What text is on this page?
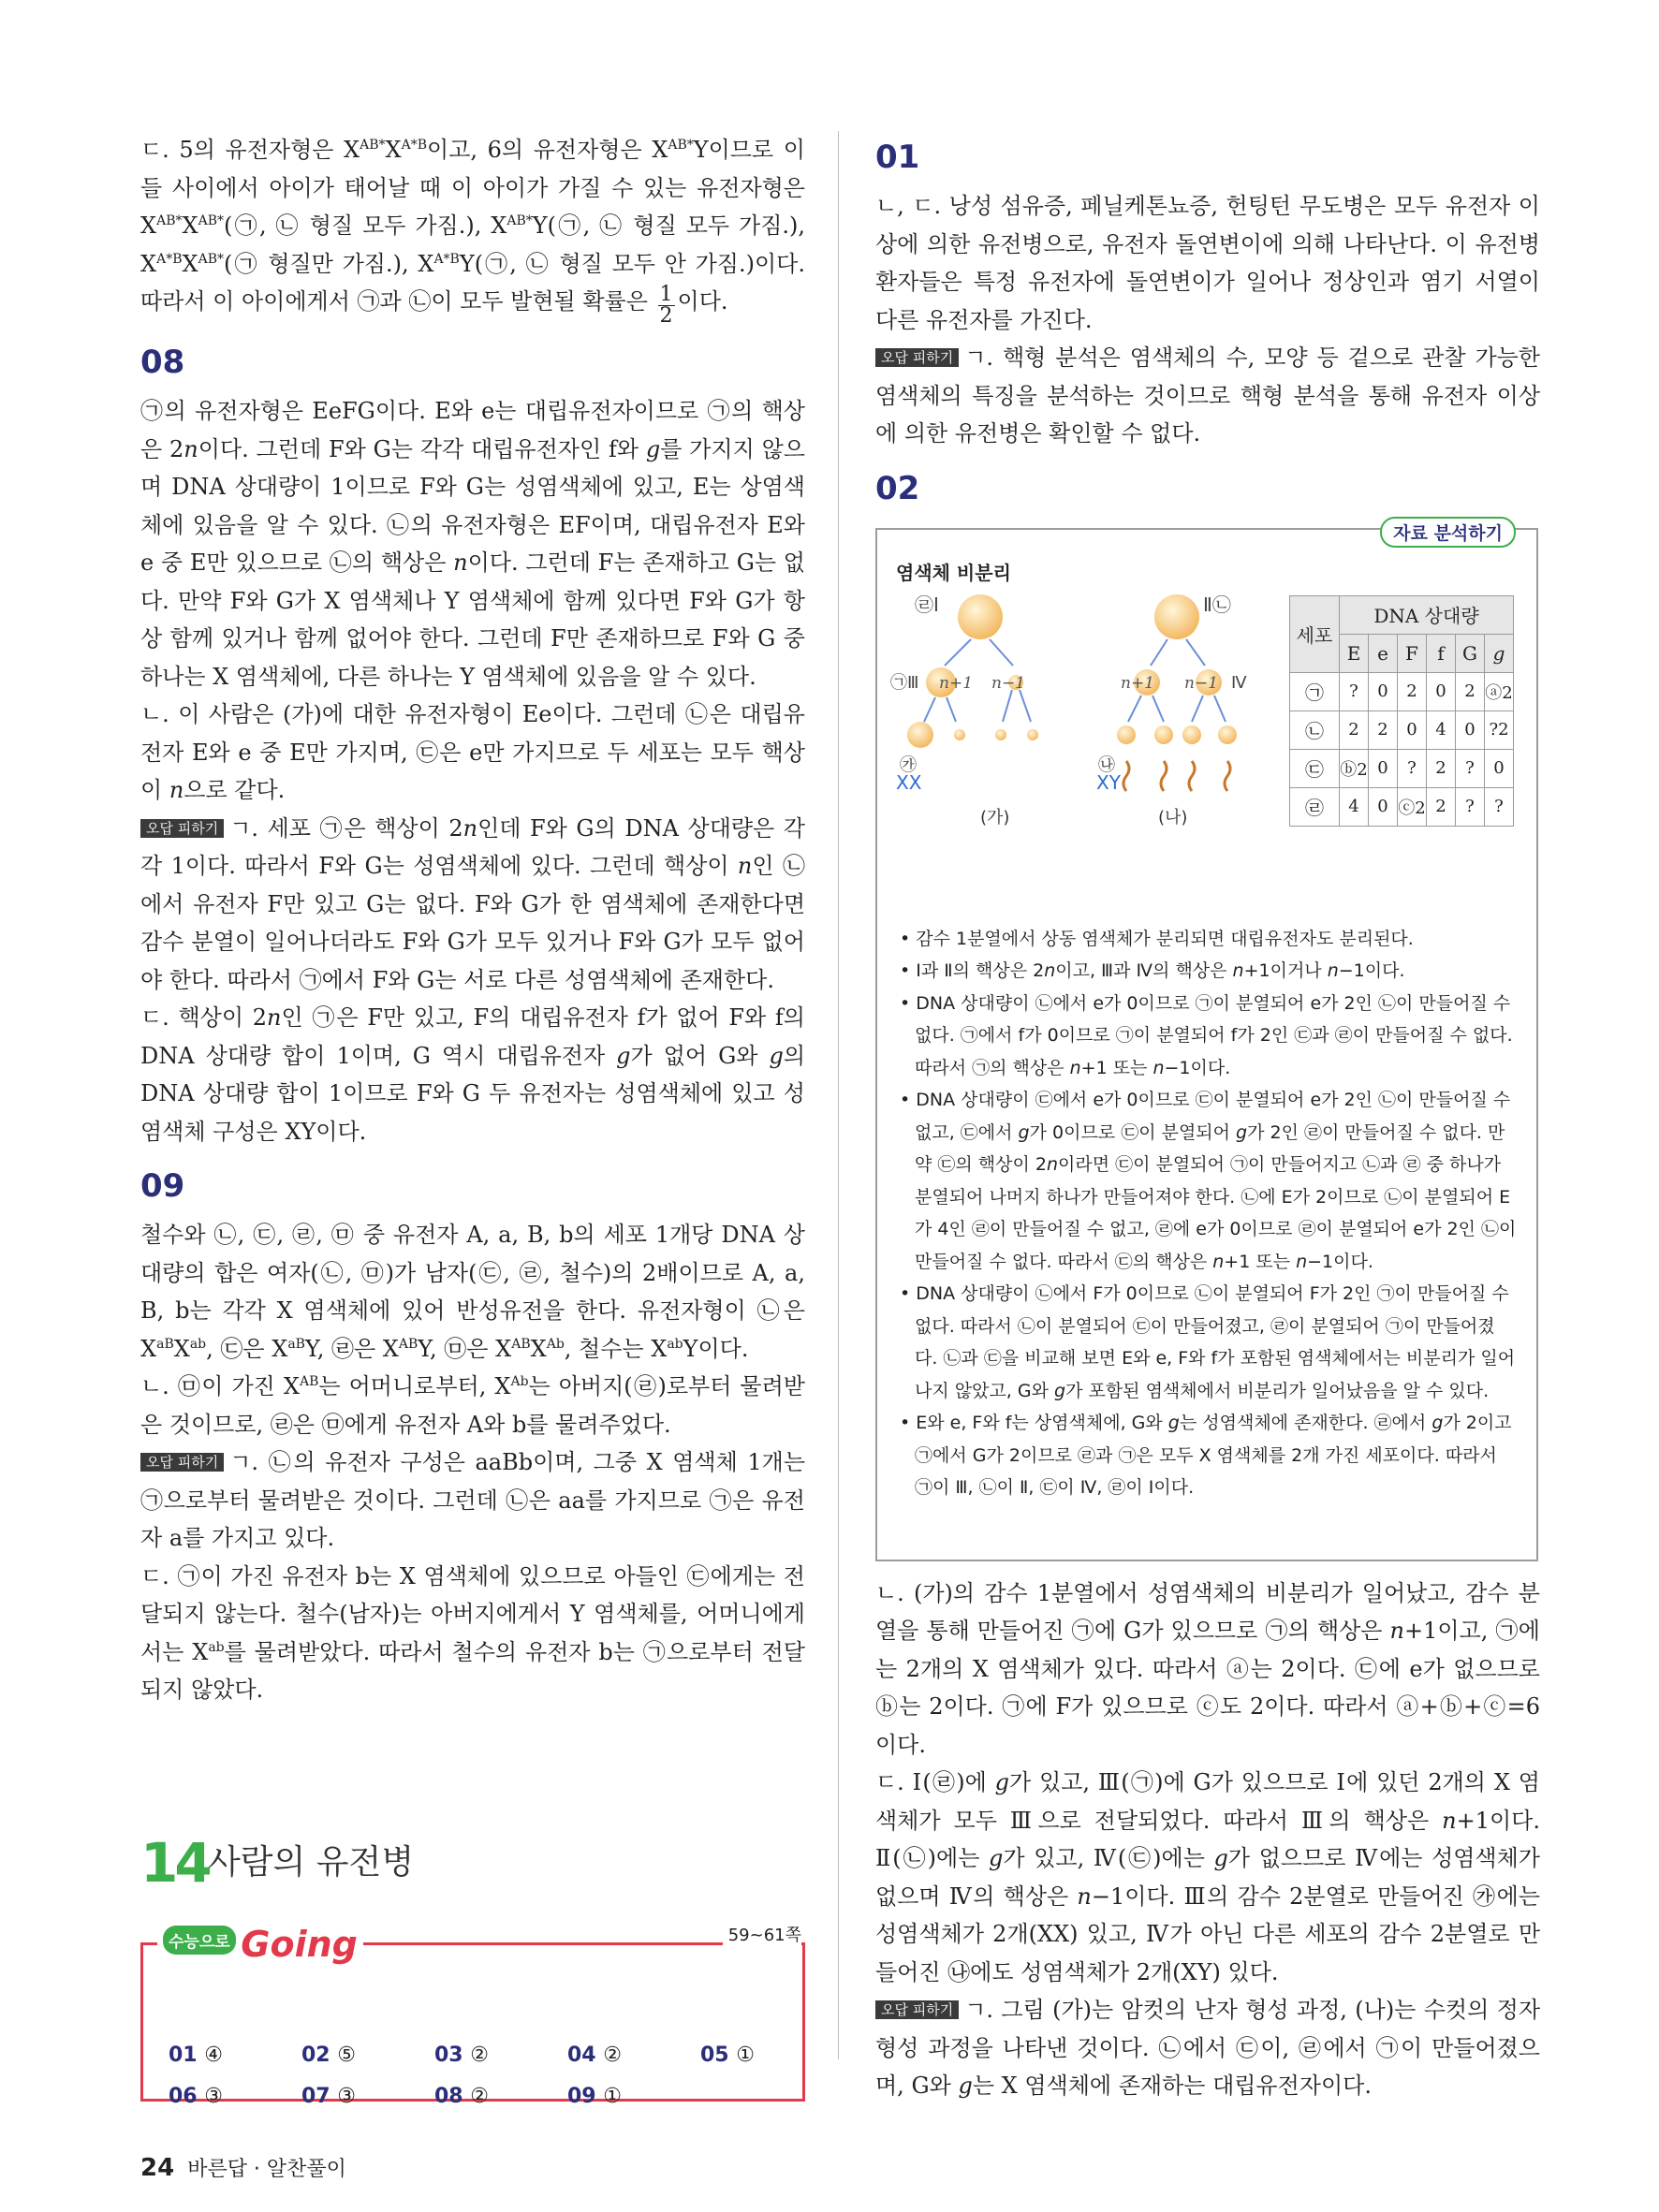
ㄷ. 5의 유전자형은 $X^{AB*}X^{A*B}$이고, 6의 유전자형은 $X^{AB*}Y$이므로 이 들 사이에서 아이가 태어날 때 이 아이가 가질 수 있는 유전자형은 $X^{AB*}X^{AB*}(㉠$, ㉡ 형질 모두 가짐.), $X^{AB*}Y(㉠$, ㉡ 형질 모두 가짐.), $X^{A*B}X^{AB*}(㉠$ 형질만 가짐.), $X^{A*B}Y(㉠$, ㉡ 형질 모두 안 가짐.)이다. 따라서 이 아이에게서 ㉠과 ㉡이 모두 발현될 확률은 $\frac{1}{2}$ 이다.

08

㉠의 유전자형은 EeFG이다. E와 e는 대립유전자이므로 ㉠의 핵상은 2n이다. 그런데 F와 G는 각각 대립유전자인 f와 g를 가지지 않으며 DNA 상대량이 1이므로 F와 G는 성염색체에 있고, E는 상염색체에 있음을 알 수 있다. ㉡의 유전자형은 EF이며, 대립유전자 E와 e 중 E만 있으므로 ㉡의 핵상은 n이다. 그런데 F는 존재하고 G는 없다. 만약 F와 G가 X 염색체나 Y 염색체에 함께 있다면 F와 G가 항상 함께 있거나 함께 없어야 한다. 그런데 F만 존재하므로 F와 G 중 하나는 X 염색체에, 다른 하나는 Y 염색체에 있음을 알 수 있다.

ㄴ. 이 사람은 (가)에 대한 유전자형이 Ee이다. 그런데 ㉡은 대립유전자 E와 e 중 E만 가지며, ㉢은 e만 가지므로 두 세포는 모두 핵상이 n으로 같다.

오답 피하기 ㄱ. 세포 ㉠은 핵상이 2n인데 F와 G의 DNA 상대량은 각각 1이다. 따라서 F와 G는 성염색체에 있다. 그런데 핵상이 n인 ㉡에서 유전자 F만 있고 G는 없다. F와 G가 한 염색체에 존재한다면 감수 분열이 일어나더라도 F와 G가 모두 있거나 F와 G가 모두 없어야 한다. 따라서 ㉠에서 F와 G는 서로 다른 성염색체에 존재한다.

ㄷ. 핵상이 2n인 ㉠은 F만 있고, F의 대립유전자 f가 없어 F와 f의 DNA 상대량 합이 1이며, G 역시 대립유전자 g가 없어 G와 g의 DNA 상대량 합이 1이므로 F와 G 두 유전자는 성염색체에 있고 성염색체 구성은 XY이다.

09

철수와 ㉡, ㉢, ㉣, ㉤ 중 유전자 A, a, B, b의 세포 1개당 DNA 상대량의 합은 여자(㉡, ㉤)가 남자(㉢, ㉣, 철수)의 2배이므로 A, a, B, b는 각각 X 염색체에 있어 반성유전을 한다. 유전자형이 ㉡은 $X^{aB}X^{ab}$, ㉢은 $X^{aB}Y$, ㉣은 $X^{AB}Y$, ㉤은 $X^{AB}X^{Ab}$, 철수는 $X^{ab}Y$이다.

ㄴ. ㉤이 가진 $X^{AB}$는 어머니로부터, $X^{Ab}$는 아버지(㉣)로부터 물려받은 것이므로, ㉣은 ㉤에게 유전자 A와 b를 물려주었다.

오답 피하기 ㄱ. ㉡의 유전자 구성은 aaBb이며, 그중 X 염색체 1개는 ㉠으로부터 물려받은 것이다. 그런데 ㉡은 aa를 가지므로 ㉠은 유전자 a를 가지고 있다.

ㄷ. ㉠이 가진 유전자 b는 X 염색체에 있으므로 아들인 ㉢에게는 전달되지 않는다. 철수(남자)는 아버지에게서 Y 염색체를, 어머니에게서는 $X^{ab}$를 물려받았다. 따라서 철수의 유전자 b는 ㉠으로부터 전달되지 않았다.

14 사람의 유전병
수능으로 Going	59~61쪽
01 ④	02 ⑤	03 ②	04 ②	05 ①
06 ③	07 ③	08 ②	09 ①
01

ㄴ, ㄷ. 낭성 섬유증, 페닐케톤뇨증, 헌팅턴 무도병은 모두 유전자 이상에 의한 유전병으로, 유전자 돌연변이에 의해 나타난다. 이 유전병 환자들은 특정 유전자에 돌연변이가 일어나 정상인과 염기 서열이 다른 유전자를 가진다.

오답 피하기 ㄱ. 핵형 분석은 염색체의 수, 모양 등 겉으로 관찰 가능한 염색체의 특징을 분석하는 것이므로 핵형 분석을 통해 유전자 이상에 의한 유전병은 확인할 수 없다.

02
자료 분석하기
염색체 비분리
㉣Ⅰ
㉠Ⅲ n+1 n−1
㉮
XX
(가)
Ⅱ㉡
n+1 n−1 Ⅳ
㉯
XY
(나)
세포	DNA 상대량					
	E	e	F	f	G	g
㉠	?	0	2	0	2	ⓐ2
㉡	2	2	0	4	0	?2
㉢	ⓑ2	0	?	2	?	0
㉣	4	0	ⓒ2	2	?	?
• 감수 1분열에서 상동 염색체가 분리되면 대립유전자도 분리된다.
• Ⅰ과 Ⅱ의 핵상은 2n이고, Ⅲ과 Ⅳ의 핵상은 n+1이거나 n−1이다.
• DNA 상대량이 ㉡에서 e가 0이므로 ㉠이 분열되어 e가 2인 ㉡이 만들어질 수 없다. ㉠에서 f가 0이므로 ㉠이 분열되어 f가 2인 ㉢과 ㉣이 만들어질 수 없다. 따라서 ㉠의 핵상은 n+1 또는 n−1이다.
• DNA 상대량이 ㉢에서 e가 0이므로 ㉢이 분열되어 e가 2인 ㉡이 만들어질 수 없고, ㉢에서 g가 0이므로 ㉢이 분열되어 g가 2인 ㉣이 만들어질 수 없다. 만약 ㉢의 핵상이 2n이라면 ㉢이 분열되어 ㉠이 만들어지고 ㉡과 ㉣ 중 하나가 분열되어 나머지 하나가 만들어져야 한다. ㉡에 E가 2이므로 ㉡이 분열되어 E가 4인 ㉣이 만들어질 수 없고, ㉣에 e가 0이므로 ㉣이 분열되어 e가 2인 ㉡이 만들어질 수 없다. 따라서 ㉢의 핵상은 n+1 또는 n−1이다.
• DNA 상대량이 ㉡에서 F가 0이므로 ㉡이 분열되어 F가 2인 ㉠이 만들어질 수 없다. 따라서 ㉡이 분열되어 ㉢이 만들어졌고, ㉣이 분열되어 ㉠이 만들어졌다. ㉡과 ㉢을 비교해 보면 E와 e, F와 f가 포함된 염색체에서는 비분리가 일어나지 않았고, G와 g가 포함된 염색체에서 비분리가 일어났음을 알 수 있다.
• E와 e, F와 f는 상염색체에, G와 g는 성염색체에 존재한다. ㉣에서 g가 2이고 ㉠에서 G가 2이므로 ㉣과 ㉠은 모두 X 염색체를 2개 가진 세포이다. 따라서 ㉠이 Ⅲ, ㉡이 Ⅱ, ㉢이 Ⅳ, ㉣이 Ⅰ이다.

ㄴ. (가)의 감수 1분열에서 성염색체의 비분리가 일어났고, 감수 분열을 통해 만들어진 ㉠에 G가 있으므로 ㉠의 핵상은 n+1이고, ㉠에는 2개의 X 염색체가 있다. 따라서 ⓐ는 2이다. ㉢에 e가 없으므로 ⓑ는 2이다. ㉠에 F가 있으므로 ⓒ도 2이다. 따라서 ⓐ+ⓑ+ⓒ=6이다.

ㄷ. Ⅰ(㉣)에 g가 있고, Ⅲ(㉠)에 G가 있으므로 Ⅰ에 있던 2개의 X 염색체가 모두 Ⅲ으로 전달되었다. 따라서 Ⅲ의 핵상은 n+1이다. Ⅱ(㉡)에는 g가 있고, Ⅳ(㉢)에는 g가 없으므로 Ⅳ에는 성염색체가 없으며 Ⅳ의 핵상은 n−1이다. Ⅲ의 감수 2분열로 만들어진 ㉮에는 성염색체가 2개(XX) 있고, Ⅳ가 아닌 다른 세포의 감수 2분열로 만들어진 ㉯에도 성염색체가 2개(XY) 있다.

오답 피하기 ㄱ. 그림 (가)는 암컷의 난자 형성 과정, (나)는 수컷의 정자 형성 과정을 나타낸 것이다. ㉡에서 ㉢이, ㉣에서 ㉠이 만들어졌으며, G와 g는 X 염색체에 존재하는 대립유전자이다.

24 바른답 · 알찬풀이
